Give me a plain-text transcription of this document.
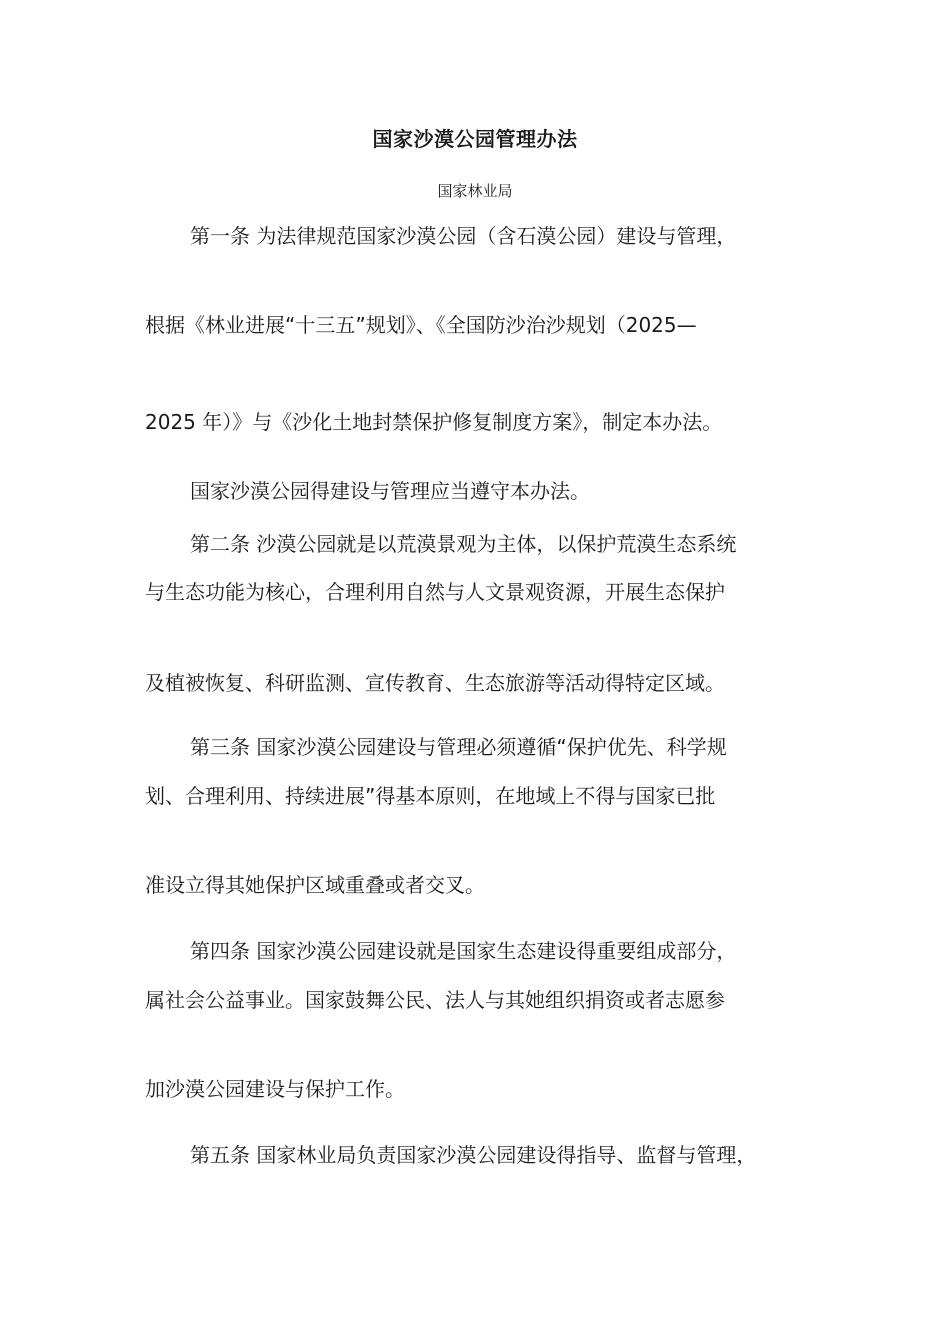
国家沙漠公园管理办法
国家林业局
第一条 为法律规范国家沙漠公园（含石漠公园）建设与管理，
根据《林业进展“十三五”规划》、《全国防沙治沙规划（2025—
2025 年）》与《沙化土地封禁保护修复制度方案》，制定本办法。
国家沙漠公园得建设与管理应当遵守本办法。
第二条 沙漠公园就是以荒漠景观为主体，以保护荒漠生态系统
与生态功能为核心，合理利用自然与人文景观资源，开展生态保护
及植被恢复、科研监测、宣传教育、生态旅游等活动得特定区域。
第三条 国家沙漠公园建设与管理必须遵循“保护优先、科学规
划、合理利用、持续进展”得基本原则，在地域上不得与国家已批
准设立得其她保护区域重叠或者交叉。
第四条 国家沙漠公园建设就是国家生态建设得重要组成部分，
属社会公益事业。国家鼓舞公民、法人与其她组织捐资或者志愿参
加沙漠公园建设与保护工作。
第五条 国家林业局负责国家沙漠公园建设得指导、监督与管理，
